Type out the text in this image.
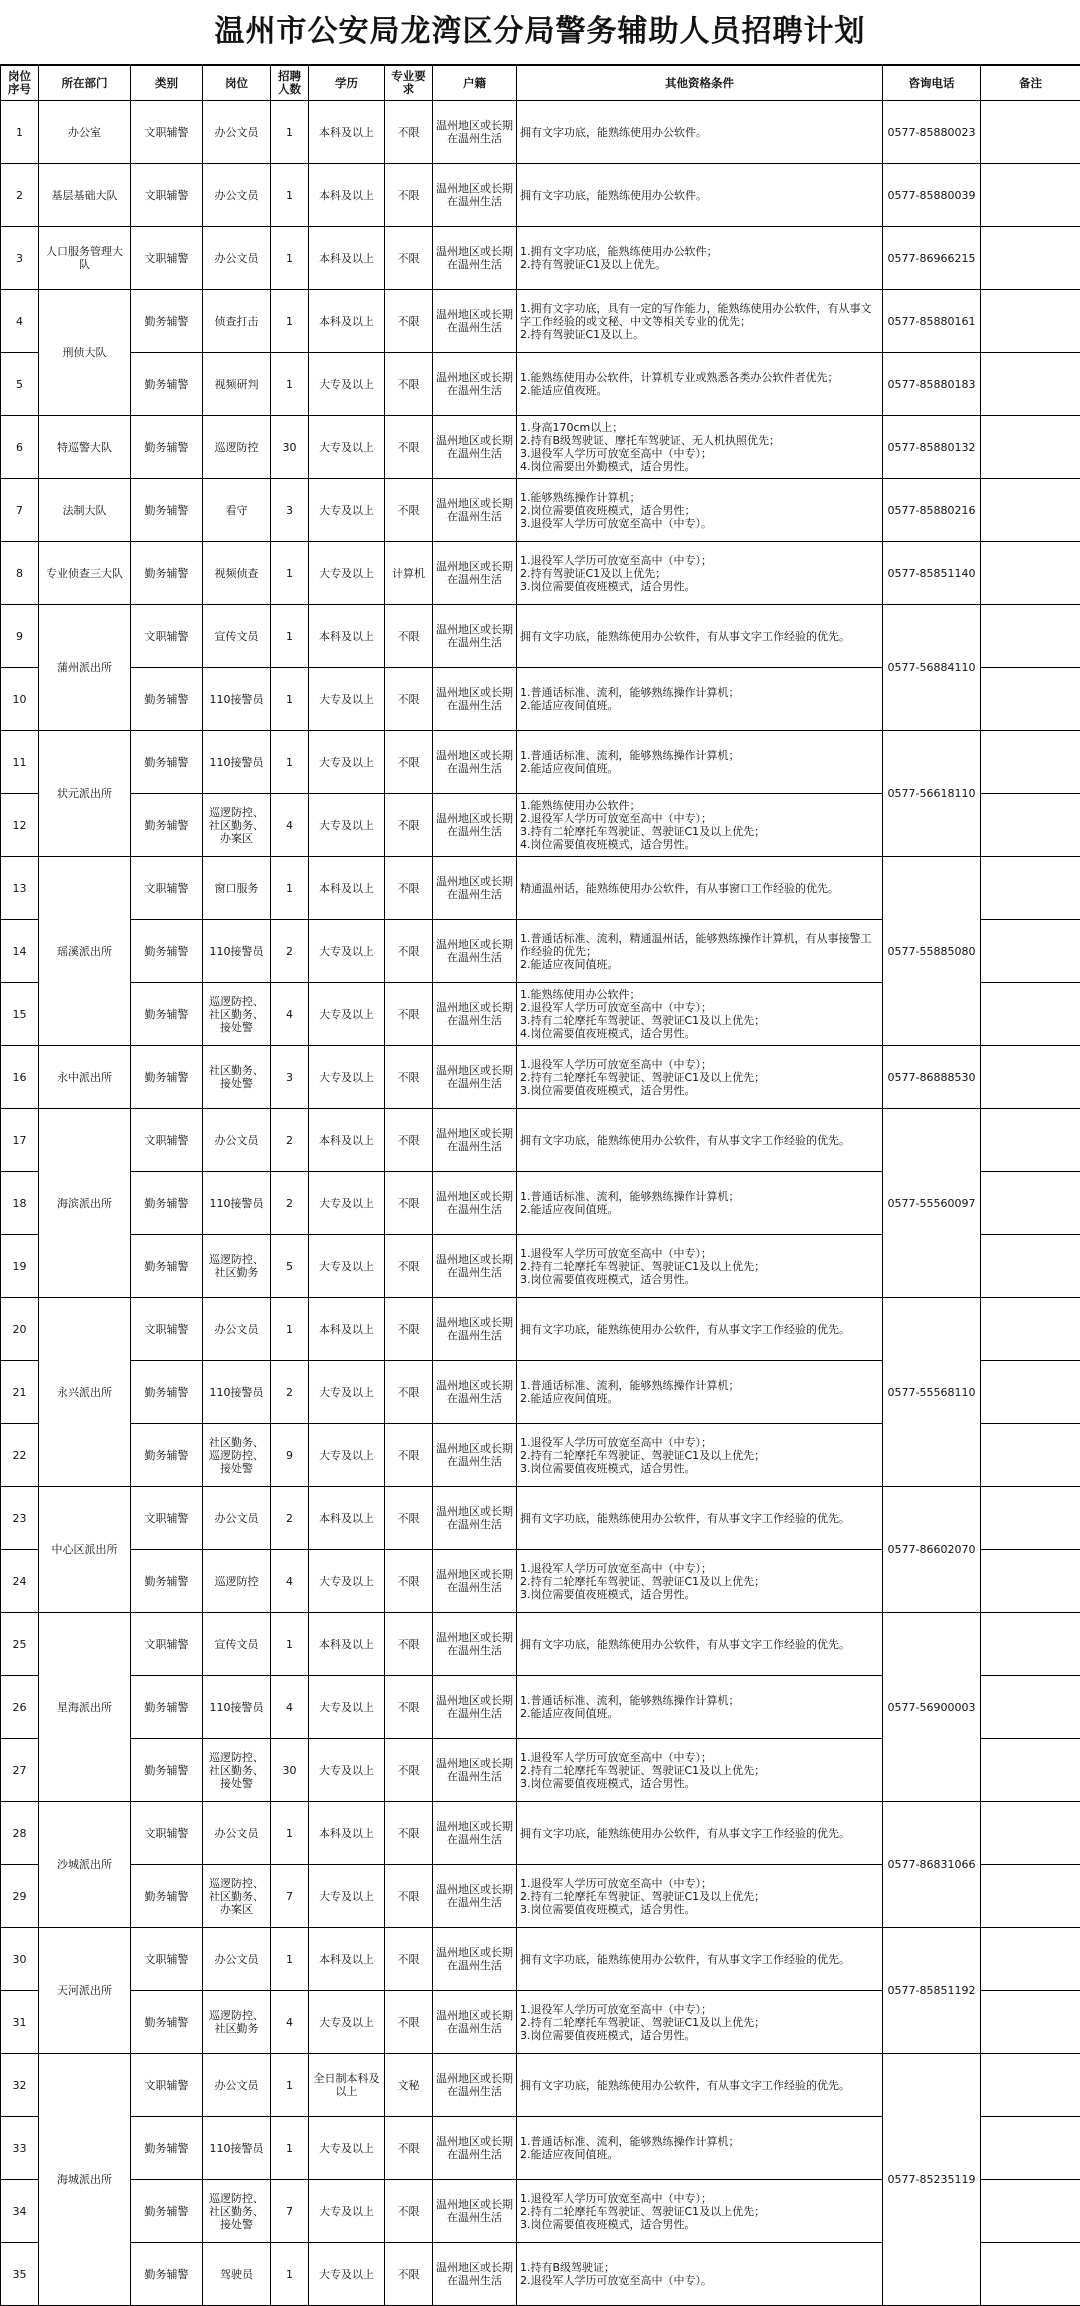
温州市公安局龙湾区分局警务辅助人员招聘计划
岗位序号	所在部门	类别	岗位	招聘人数	学历	专业要求	户籍	其他资格条件	咨询电话	备注
1	办公室	文职辅警	办公文员	1	本科及以上	不限	温州地区或长期在温州生活	拥有文字功底，能熟练使用办公软件。	0577-85880023	
2	基层基础大队	文职辅警	办公文员	1	本科及以上	不限	温州地区或长期在温州生活	拥有文字功底，能熟练使用办公软件。	0577-85880039	
3	人口服务管理大队	文职辅警	办公文员	1	本科及以上	不限	温州地区或长期在温州生活	1.拥有文字功底，能熟练使用办公软件；
2.持有驾驶证C1及以上优先。	0577-86966215	
4	刑侦大队	勤务辅警	侦查打击	1	本科及以上	不限	温州地区或长期在温州生活	1.拥有文字功底，具有一定的写作能力，能熟练使用办公软件，有从事文字工作经验的或文秘、中文等相关专业的优先；
2.持有驾驶证C1及以上。	0577-85880161	
5		勤务辅警	视频研判	1	大专及以上	不限	温州地区或长期在温州生活	1.能熟练使用办公软件，计算机专业或熟悉各类办公软件者优先；
2.能适应值夜班。	0577-85880183	
6	特巡警大队	勤务辅警	巡逻防控	30	大专及以上	不限	温州地区或长期在温州生活	1.身高170cm以上；
2.持有B级驾驶证、摩托车驾驶证、无人机执照优先；
3.退役军人学历可放宽至高中（中专）；
4.岗位需要出外勤模式，适合男性。	0577-85880132	
7	法制大队	勤务辅警	看守	3	大专及以上	不限	温州地区或长期在温州生活	1.能够熟练操作计算机；
2.岗位需要值夜班模式，适合男性；
3.退役军人学历可放宽至高中（中专）。	0577-85880216	
8	专业侦查三大队	勤务辅警	视频侦查	1	大专及以上	计算机	温州地区或长期在温州生活	1.退役军人学历可放宽至高中（中专）；
2.持有驾驶证C1及以上优先；
3.岗位需要值夜班模式，适合男性。	0577-85851140	
9	蒲州派出所	文职辅警	宣传文员	1	本科及以上	不限	温州地区或长期在温州生活	拥有文字功底，能熟练使用办公软件，有从事文字工作经验的优先。	0577-56884110	
10		勤务辅警	110接警员	1	大专及以上	不限	温州地区或长期在温州生活	1.普通话标准、流利，能够熟练操作计算机；
2.能适应夜间值班。		
11	状元派出所	勤务辅警	110接警员	1	大专及以上	不限	温州地区或长期在温州生活	1.普通话标准、流利，能够熟练操作计算机；
2.能适应夜间值班。	0577-56618110	
12		勤务辅警	巡逻防控、社区勤务、办案区	4	大专及以上	不限	温州地区或长期在温州生活	1.能熟练使用办公软件；
2.退役军人学历可放宽至高中（中专）；
3.持有二轮摩托车驾驶证、驾驶证C1及以上优先；
4.岗位需要值夜班模式，适合男性。		
13	瑶溪派出所	文职辅警	窗口服务	1	本科及以上	不限	温州地区或长期在温州生活	精通温州话，能熟练使用办公软件，有从事窗口工作经验的优先。	0577-55885080	
14		勤务辅警	110接警员	2	大专及以上	不限	温州地区或长期在温州生活	1.普通话标准、流利，精通温州话，能够熟练操作计算机，有从事接警工作经验的优先；
2.能适应夜间值班。		
15		勤务辅警	巡逻防控、社区勤务、接处警	4	大专及以上	不限	温州地区或长期在温州生活	1.能熟练使用办公软件；
2.退役军人学历可放宽至高中（中专）；
3.持有二轮摩托车驾驶证、驾驶证C1及以上优先；
4.岗位需要值夜班模式，适合男性。		
16	永中派出所	勤务辅警	社区勤务、接处警	3	大专及以上	不限	温州地区或长期在温州生活	1.退役军人学历可放宽至高中（中专）；
2.持有二轮摩托车驾驶证、驾驶证C1及以上优先；
3.岗位需要值夜班模式，适合男性。	0577-86888530	
17	海滨派出所	文职辅警	办公文员	2	本科及以上	不限	温州地区或长期在温州生活	拥有文字功底，能熟练使用办公软件，有从事文字工作经验的优先。	0577-55560097	
18		勤务辅警	110接警员	2	大专及以上	不限	温州地区或长期在温州生活	1.普通话标准、流利，能够熟练操作计算机；
2.能适应夜间值班。		
19		勤务辅警	巡逻防控、社区勤务	5	大专及以上	不限	温州地区或长期在温州生活	1.退役军人学历可放宽至高中（中专）；
2.持有二轮摩托车驾驶证、驾驶证C1及以上优先；
3.岗位需要值夜班模式，适合男性。		
20	永兴派出所	文职辅警	办公文员	1	本科及以上	不限	温州地区或长期在温州生活	拥有文字功底，能熟练使用办公软件，有从事文字工作经验的优先。	0577-55568110	
21		勤务辅警	110接警员	2	大专及以上	不限	温州地区或长期在温州生活	1.普通话标准、流利，能够熟练操作计算机；
2.能适应夜间值班。		
22		勤务辅警	社区勤务、巡逻防控、接处警	9	大专及以上	不限	温州地区或长期在温州生活	1.退役军人学历可放宽至高中（中专）；
2.持有二轮摩托车驾驶证、驾驶证C1及以上优先；
3.岗位需要值夜班模式，适合男性。		
23	中心区派出所	文职辅警	办公文员	2	本科及以上	不限	温州地区或长期在温州生活	拥有文字功底，能熟练使用办公软件，有从事文字工作经验的优先。	0577-86602070	
24		勤务辅警	巡逻防控	4	大专及以上	不限	温州地区或长期在温州生活	1.退役军人学历可放宽至高中（中专）；
2.持有二轮摩托车驾驶证、驾驶证C1及以上优先；
3.岗位需要值夜班模式，适合男性。		
25	星海派出所	文职辅警	宣传文员	1	本科及以上	不限	温州地区或长期在温州生活	拥有文字功底，能熟练使用办公软件，有从事文字工作经验的优先。	0577-56900003	
26		勤务辅警	110接警员	4	大专及以上	不限	温州地区或长期在温州生活	1.普通话标准、流利，能够熟练操作计算机；
2.能适应夜间值班。		
27		勤务辅警	巡逻防控、社区勤务、接处警	30	大专及以上	不限	温州地区或长期在温州生活	1.退役军人学历可放宽至高中（中专）；
2.持有二轮摩托车驾驶证、驾驶证C1及以上优先；
3.岗位需要值夜班模式，适合男性。		
28	沙城派出所	文职辅警	办公文员	1	本科及以上	不限	温州地区或长期在温州生活	拥有文字功底，能熟练使用办公软件，有从事文字工作经验的优先。	0577-86831066	
29		勤务辅警	巡逻防控、社区勤务、办案区	7	大专及以上	不限	温州地区或长期在温州生活	1.退役军人学历可放宽至高中（中专）；
2.持有二轮摩托车驾驶证、驾驶证C1及以上优先；
3.岗位需要值夜班模式，适合男性。		
30	天河派出所	文职辅警	办公文员	1	本科及以上	不限	温州地区或长期在温州生活	拥有文字功底，能熟练使用办公软件，有从事文字工作经验的优先。	0577-85851192	
31		勤务辅警	巡逻防控、社区勤务	4	大专及以上	不限	温州地区或长期在温州生活	1.退役军人学历可放宽至高中（中专）；
2.持有二轮摩托车驾驶证、驾驶证C1及以上优先；
3.岗位需要值夜班模式，适合男性。		
32	海城派出所	文职辅警	办公文员	1	全日制本科及以上	文秘	温州地区或长期在温州生活	拥有文字功底，能熟练使用办公软件，有从事文字工作经验的优先。	0577-85235119	
33		勤务辅警	110接警员	1	大专及以上	不限	温州地区或长期在温州生活	1.普通话标准、流利，能够熟练操作计算机；
2.能适应夜间值班。		
34		勤务辅警	巡逻防控、社区勤务、接处警	7	大专及以上	不限	温州地区或长期在温州生活	1.退役军人学历可放宽至高中（中专）；
2.持有二轮摩托车驾驶证、驾驶证C1及以上优先；
3.岗位需要值夜班模式，适合男性。		
35		勤务辅警	驾驶员	1	大专及以上	不限	温州地区或长期在温州生活	1.持有B级驾驶证；
2.退役军人学历可放宽至高中（中专）。		
